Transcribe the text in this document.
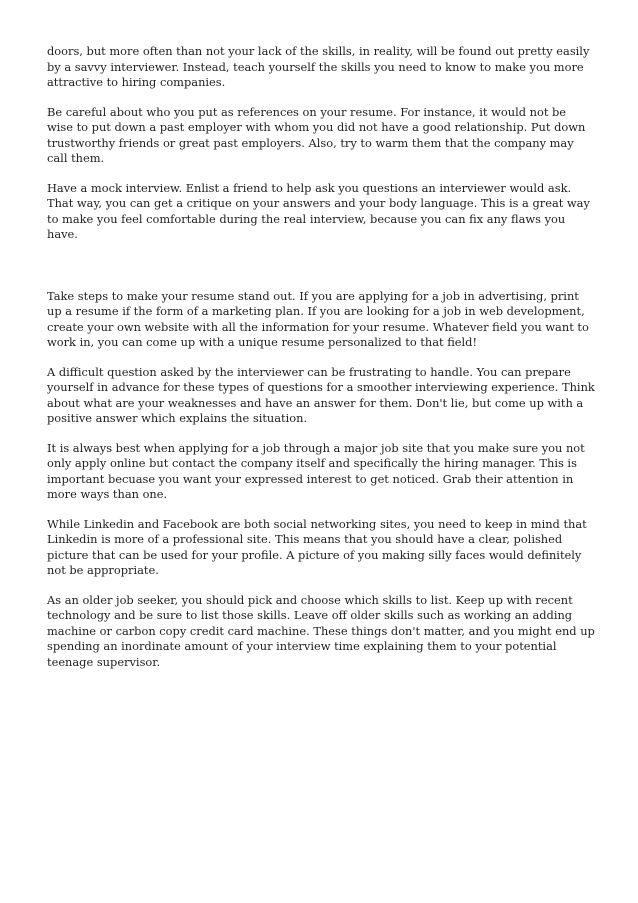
doors, but more often than not your lack of the skills, in reality, will be found out pretty easily by a savvy interviewer. Instead, teach yourself the skills you need to know to make you more attractive to hiring companies.

Be careful about who you put as references on your resume. For instance, it would not be wise to put down a past employer with whom you did not have a good relationship. Put down trustworthy friends or great past employers. Also, try to warm them that the company may call them.

Have a mock interview. Enlist a friend to help ask you questions an interviewer would ask. That way, you can get a critique on your answers and your body language. This is a great way to make you feel comfortable during the real interview, because you can fix any flaws you have.

Take steps to make your resume stand out. If you are applying for a job in advertising, print up a resume if the form of a marketing plan. If you are looking for a job in web development, create your own website with all the information for your resume. Whatever field you want to work in, you can come up with a unique resume personalized to that field!

A difficult question asked by the interviewer can be frustrating to handle. You can prepare yourself in advance for these types of questions for a smoother interviewing experience. Think about what are your weaknesses and have an answer for them. Don't lie, but come up with a positive answer which explains the situation.

It is always best when applying for a job through a major job site that you make sure you not only apply online but contact the company itself and specifically the hiring manager. This is important becuase you want your expressed interest to get noticed. Grab their attention in more ways than one.

While Linkedin and Facebook are both social networking sites, you need to keep in mind that Linkedin is more of a professional site. This means that you should have a clear, polished picture that can be used for your profile. A picture of you making silly faces would definitely not be appropriate.

As an older job seeker, you should pick and choose which skills to list. Keep up with recent technology and be sure to list those skills. Leave off older skills such as working an adding machine or carbon copy credit card machine. These things don't matter, and you might end up spending an inordinate amount of your interview time explaining them to your potential teenage supervisor.
